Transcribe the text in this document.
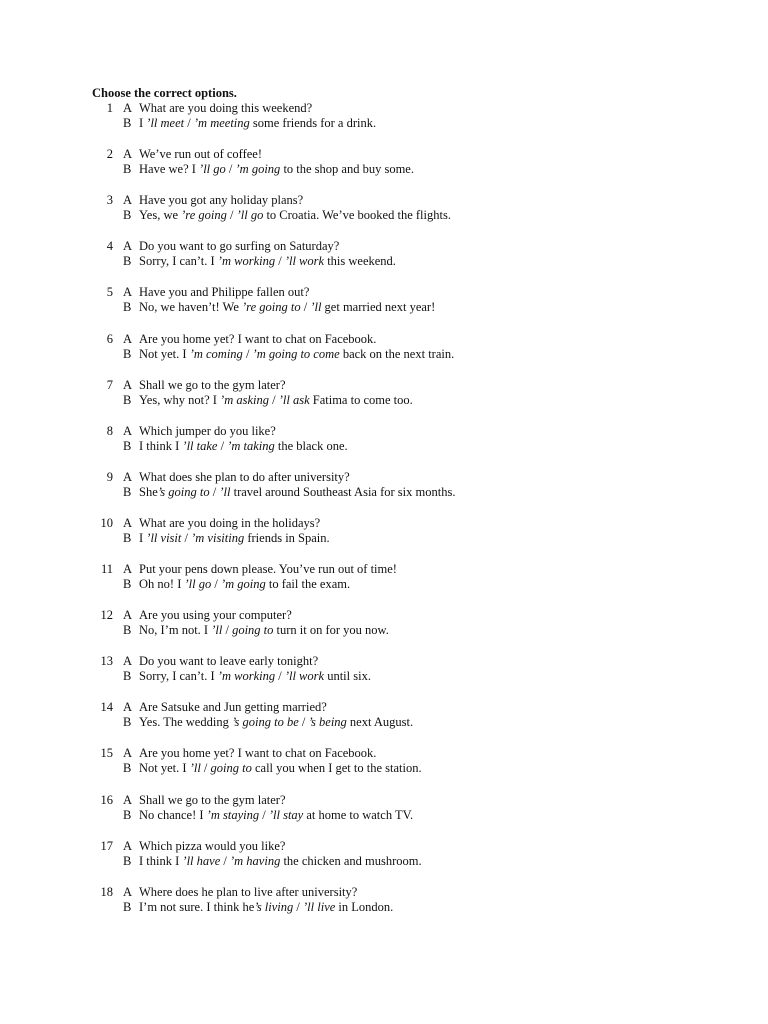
Choose the correct options.
1 A What are you doing this weekend?
B I ’ll meet / ’m meeting some friends for a drink.
2 A We’ve run out of coffee!
B Have we? I ’ll go / ’m going to the shop and buy some.
3 A Have you got any holiday plans?
B Yes, we ’re going / ’ll go to Croatia. We’ve booked the flights.
4 A Do you want to go surfing on Saturday?
B Sorry, I can’t. I ’m working / ’ll work this weekend.
5 A Have you and Philippe fallen out?
B No, we haven’t! We ’re going to / ’ll get married next year!
6 A Are you home yet? I want to chat on Facebook.
B Not yet. I ’m coming / ’m going to come back on the next train.
7 A Shall we go to the gym later?
B Yes, why not? I ’m asking / ’ll ask Fatima to come too.
8 A Which jumper do you like?
B I think I ’ll take / ’m taking the black one.
9 A What does she plan to do after university?
B She’s going to / ’ll travel around Southeast Asia for six months.
10 A What are you doing in the holidays?
B I ’ll visit / ’m visiting friends in Spain.
11 A Put your pens down please. You’ve run out of time!
B Oh no! I ’ll go / ’m going to fail the exam.
12 A Are you using your computer?
B No, I’m not. I ’ll / going to turn it on for you now.
13 A Do you want to leave early tonight?
B Sorry, I can’t. I ’m working / ’ll work until six.
14 A Are Satsuke and Jun getting married?
B Yes. The wedding ’s going to be / ’s being next August.
15 A Are you home yet? I want to chat on Facebook.
B Not yet. I ’ll / going to call you when I get to the station.
16 A Shall we go to the gym later?
B No chance! I ’m staying / ’ll stay at home to watch TV.
17 A Which pizza would you like?
B I think I ’ll have / ’m having the chicken and mushroom.
18 A Where does he plan to live after university?
B I’m not sure. I think he’s living / ’ll live in London.
